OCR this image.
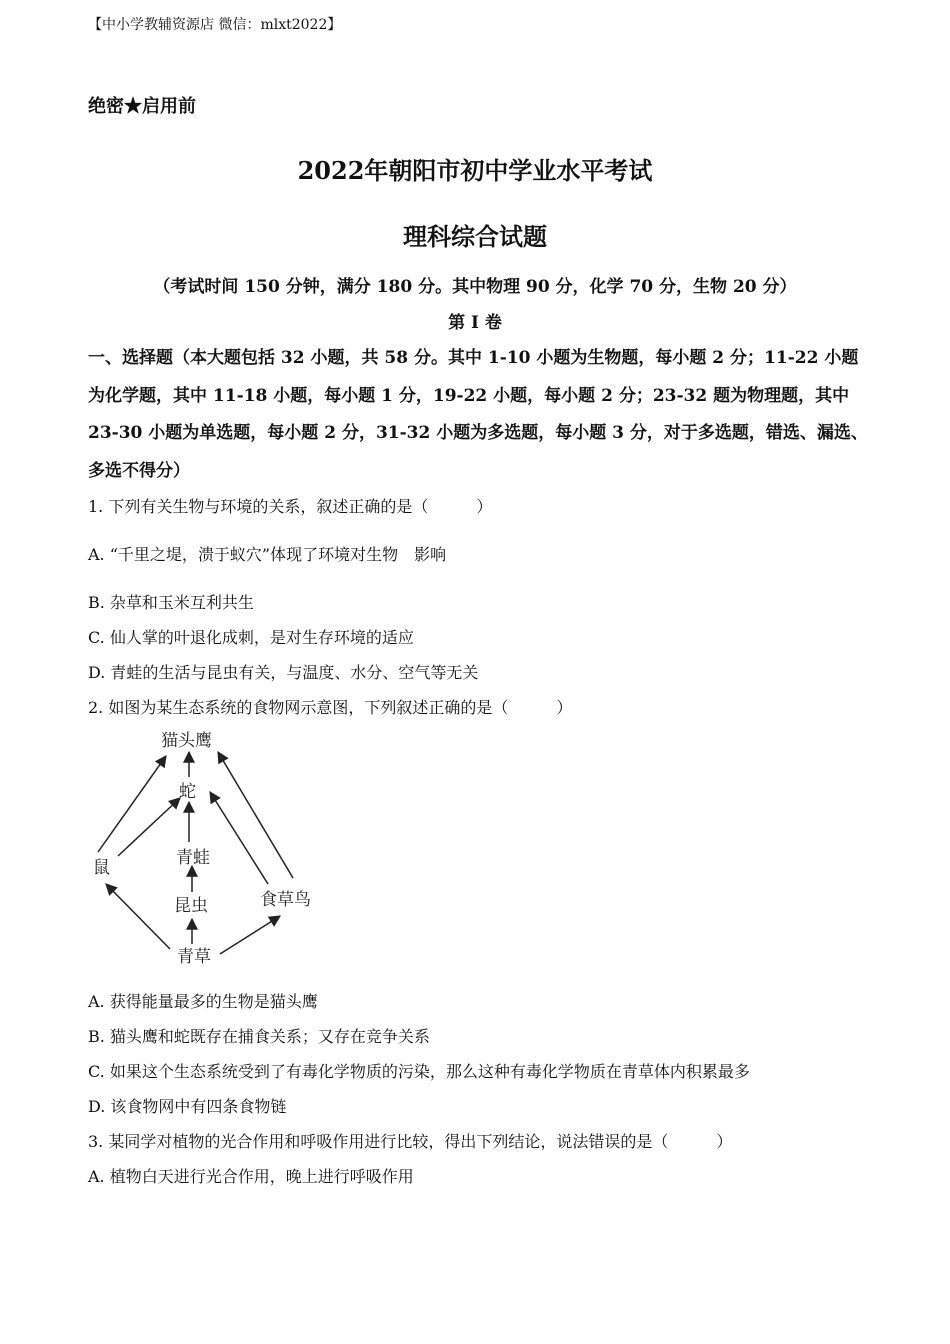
【中小学教辅资源店 微信：mlxt2022】
绝密★启用前
2022年朝阳市初中学业水平考试
理科综合试题
（考试时间 150 分钟，满分 180 分。其中物理 90 分，化学 70 分，生物 20 分）
第 Ⅰ 卷
一、选择题（本大题包括 32 小题，共 58 分。其中 1-10 小题为生物题，每小题 2 分；11-22 小题为化学题，其中 11-18 小题，每小题 1 分，19-22 小题，每小题 2 分；23-32 题为物理题，其中 23-30 小题为单选题，每小题 2 分，31-32 小题为多选题，每小题 3 分，对于多选题，错选、漏选、多选不得分）
1. 下列有关生物与环境的关系，叙述正确的是（　　　）
A. “千里之堤，溃于蚁穴”体现了环境对生物　影响
B. 杂草和玉米互利共生
C. 仙人掌的叶退化成刺，是对生存环境的适应
D. 青蛙的生活与昆虫有关，与温度、水分、空气等无关
2. 如图为某生态系统的食物网示意图，下列叙述正确的是（　　　）
猫头鹰
蛇
鼠	青蛙
昆虫	食草鸟
青草
A. 获得能量最多的生物是猫头鹰
B. 猫头鹰和蛇既存在捕食关系；又存在竞争关系
C. 如果这个生态系统受到了有毒化学物质的污染，那么这种有毒化学物质在青草体内积累最多
D. 该食物网中有四条食物链
3. 某同学对植物的光合作用和呼吸作用进行比较，得出下列结论，说法错误的是（　　　）
A. 植物白天进行光合作用，晚上进行呼吸作用
